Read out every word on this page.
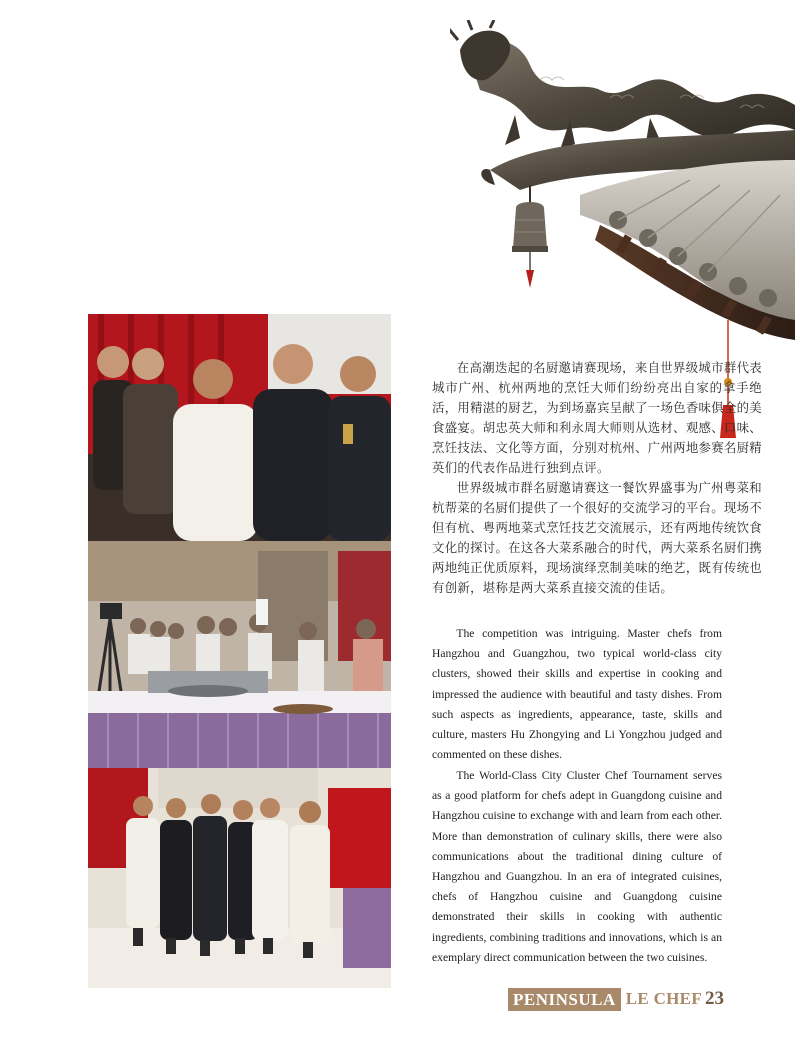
在高潮迭起的名厨邀请赛现场，来自世界级城市群代表城市广州、杭州两地的烹饪大师们纷纷亮出自家的拿手绝活，用精湛的厨艺，为到场嘉宾呈献了一场色香味俱全的美食盛宴。胡忠英大师和利永周大师则从选材、观感、口味、烹饪技法、文化等方面，分别对杭州、广州两地参赛名厨精英们的代表作品进行独到点评。

世界级城市群名厨邀请赛这一餐饮界盛事为广州粤菜和杭帮菜的名厨们提供了一个很好的交流学习的平台。现场不但有杭、粤两地菜式烹饪技艺交流展示，还有两地传统饮食文化的探讨。在这各大菜系融合的时代，两大菜系名厨们携两地纯正优质原料，现场演绎烹制美味的绝艺，既有传统也有创新，堪称是两大菜系直接交流的佳话。

The competition was intriguing. Master chefs from Hangzhou and Guangzhou, two typical world-class city clusters, showed their skills and expertise in cooking and impressed the audience with beautiful and tasty dishes. From such aspects as ingredients, appearance, taste, skills and culture, masters Hu Zhongying and Li Yongzhou judged and commented on these dishes.

The World-Class City Cluster Chef Tournament serves as a good platform for chefs adept in Guangdong cuisine and Hangzhou cuisine to exchange with and learn from each other. More than demonstration of culinary skills, there were also communications about the traditional dining culture of Hangzhou and Guangzhou. In an era of integrated cuisines, chefs of Hangzhou cuisine and Guangdong cuisine demonstrated their skills in cooking with authentic ingredients, combining traditions and innovations, which is an exemplary direct communication between the two cuisines.

PENINSULA LE CHEF 23
